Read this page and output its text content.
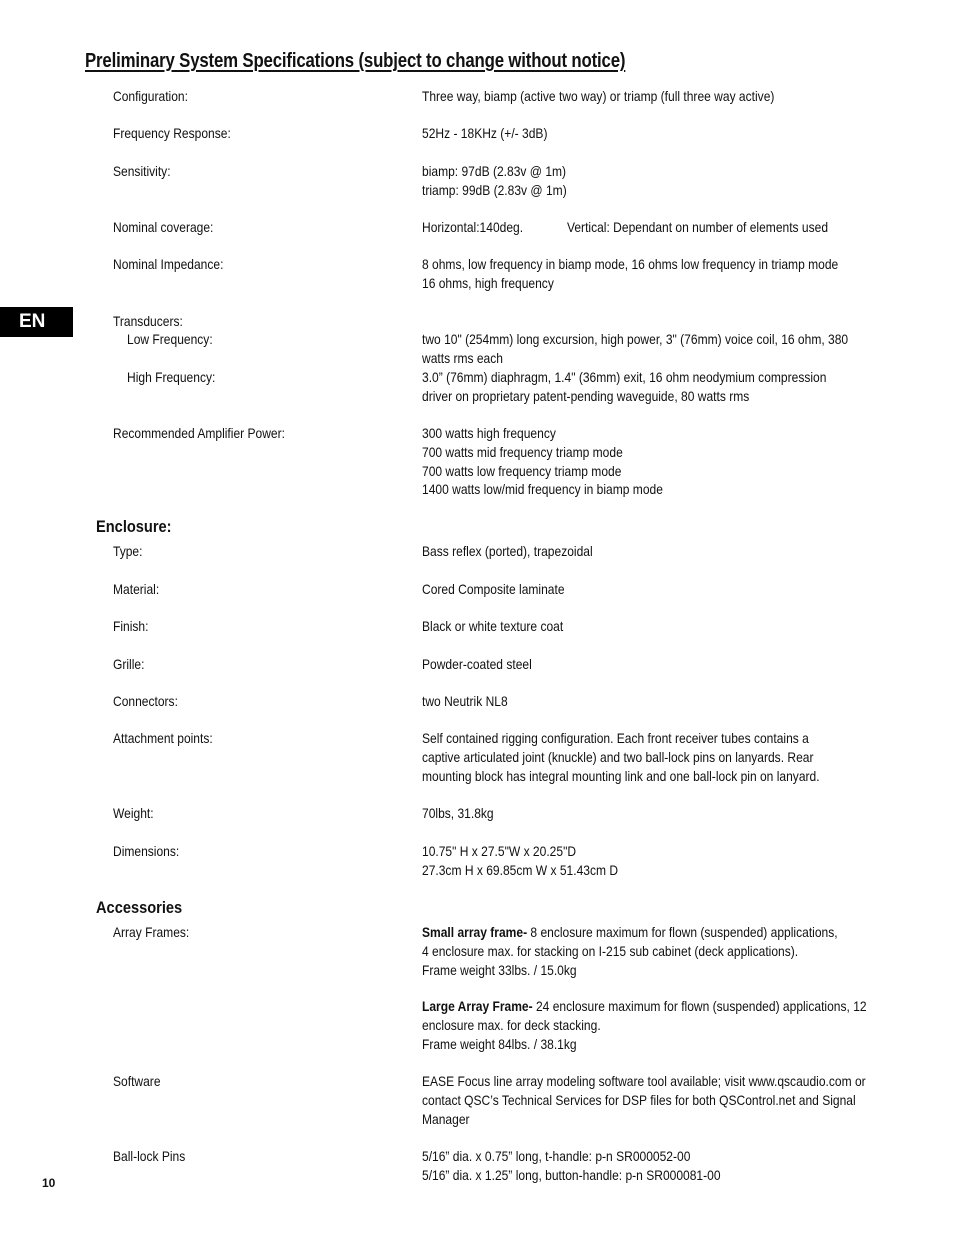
Preliminary System Specifications (subject to change without notice)
EN
Configuration:	Three way, biamp (active two way) or triamp (full three way active)
Frequency Response:	52Hz - 18KHz (+/- 3dB)
Sensitivity:	biamp: 97dB (2.83v @ 1m)
triamp: 99dB (2.83v @ 1m)
Nominal coverage:	Horizontal:140deg.	Vertical: Dependant on number of elements used
Nominal Impedance:	8 ohms, low frequency in biamp mode, 16 ohms low frequency in triamp mode
16 ohms, high frequency
Transducers:
Low Frequency:	two 10" (254mm) long excursion, high power, 3" (76mm) voice coil, 16 ohm, 380
watts rms each
High Frequency:	3.0” (76mm) diaphragm, 1.4" (36mm) exit, 16 ohm neodymium compression
driver on proprietary patent-pending waveguide, 80 watts rms
Recommended Amplifier Power:	300 watts high frequency
700 watts mid frequency triamp mode
700 watts low frequency triamp mode
1400 watts low/mid frequency in biamp mode
Enclosure:
Type:	Bass reflex (ported), trapezoidal
Material:	Cored Composite laminate
Finish:	Black or white texture coat
Grille:	Powder-coated steel
Connectors:	two Neutrik NL8
Attachment points:	Self contained rigging configuration. Each front receiver tubes contains a
captive articulated joint (knuckle) and two ball-lock pins on lanyards. Rear
mounting block has integral mounting link and one ball-lock pin on lanyard.
Weight:	70lbs, 31.8kg
Dimensions:	10.75" H x 27.5"W x 20.25"D
27.3cm H x 69.85cm W x 51.43cm D
Accessories
Array Frames:	Small array frame- 8 enclosure maximum for flown (suspended) applications,
4 enclosure max. for stacking on I-215 sub cabinet (deck applications).
Frame weight 33lbs. / 15.0kg
Large Array Frame- 24 enclosure maximum for flown (suspended) applications, 12
enclosure max. for deck stacking.
Frame weight 84lbs. / 38.1kg
Software	EASE Focus line array modeling software tool available; visit www.qscaudio.com or
contact QSC’s Technical Services for DSP files for both QSControl.net and Signal
Manager
Ball-lock Pins	5/16” dia. x 0.75” long, t-handle: p-n SR000052-00
5/16” dia. x 1.25” long, button-handle: p-n SR000081-00
10
